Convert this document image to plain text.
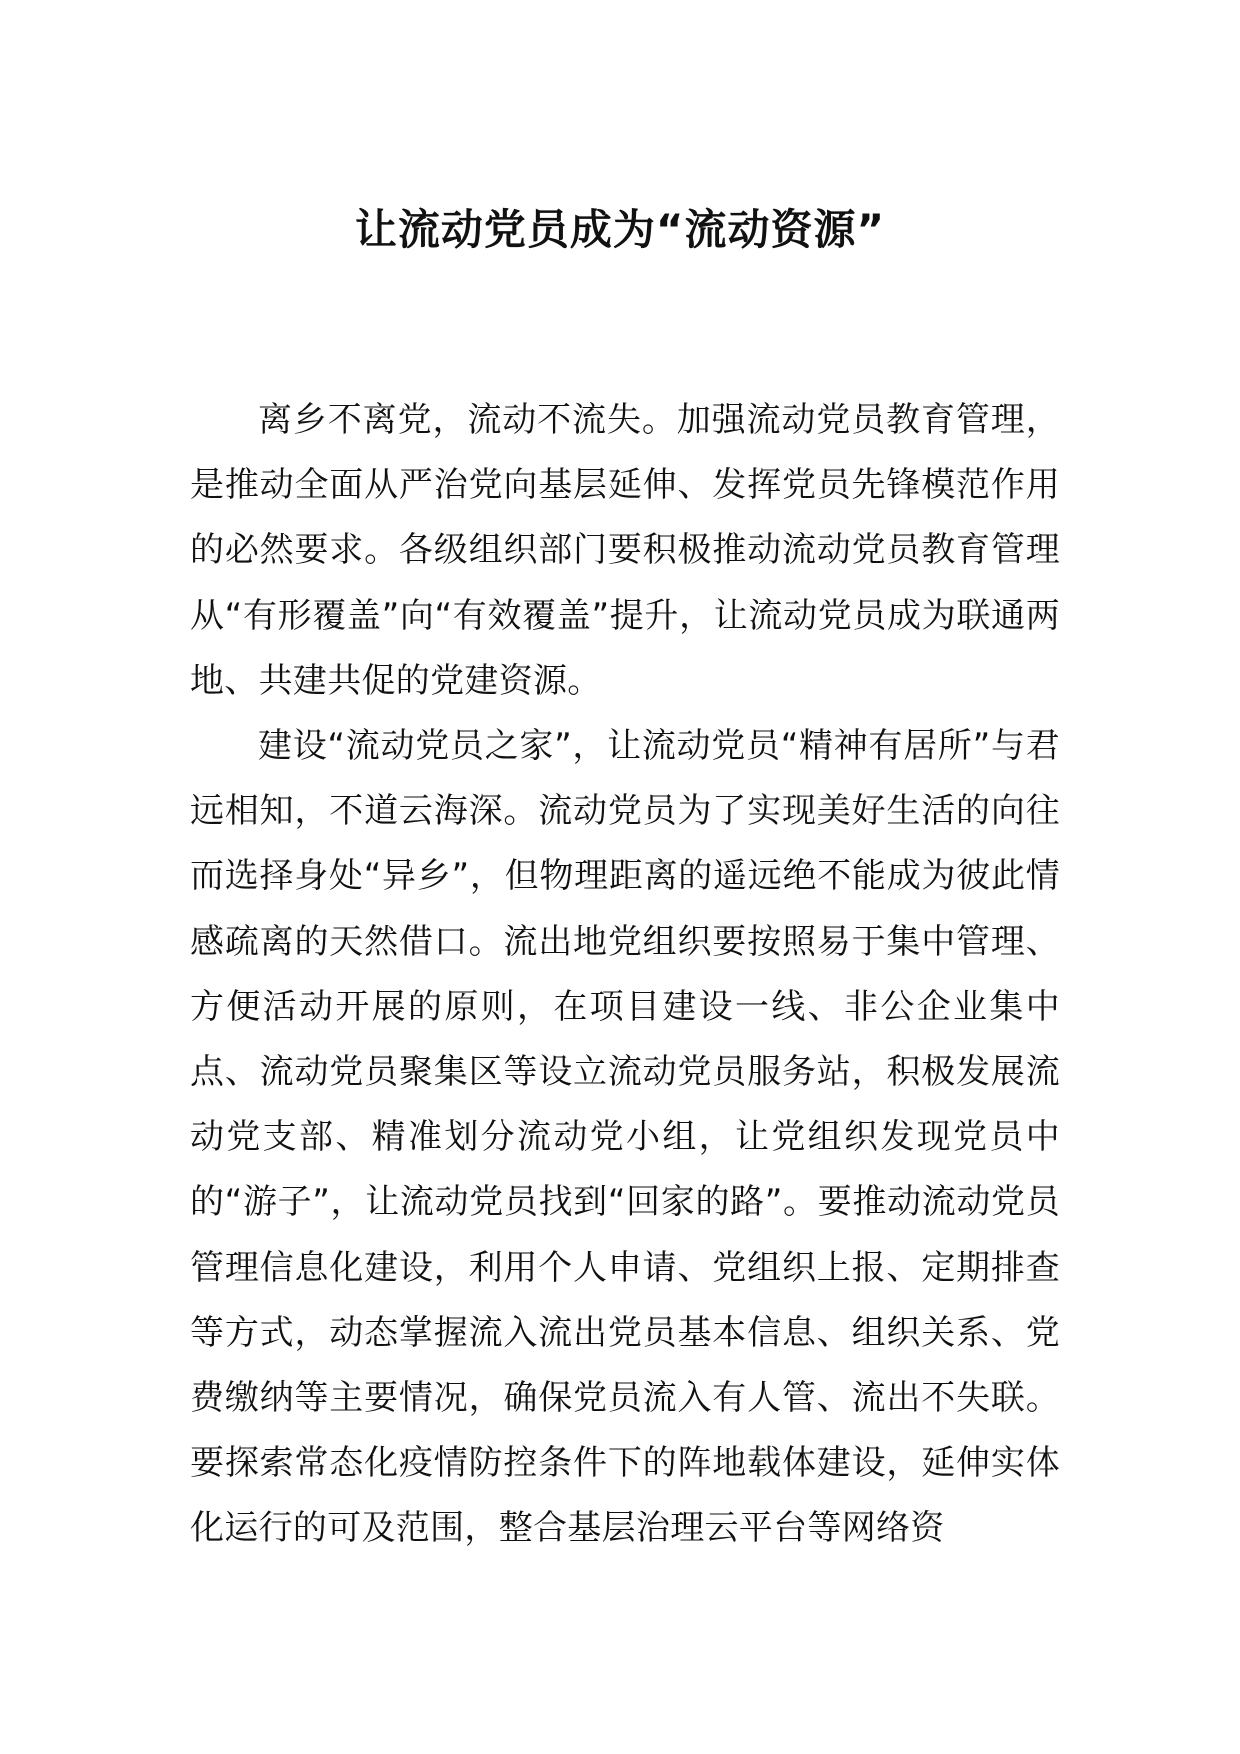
让流动党员成为“流动资源”

离乡不离党，流动不流失。加强流动党员教育管理，是推动全面从严治党向基层延伸、发挥党员先锋模范作用的必然要求。各级组织部门要积极推动流动党员教育管理从“有形覆盖”向“有效覆盖”提升，让流动党员成为联通两地、共建共促的党建资源。

建设“流动党员之家”，让流动党员“精神有居所”与君远相知，不道云海深。流动党员为了实现美好生活的向往而选择身处“异乡”，但物理距离的遥远绝不能成为彼此情感疏离的天然借口。流出地党组织要按照易于集中管理、方便活动开展的原则，在项目建设一线、非公企业集中点、流动党员聚集区等设立流动党员服务站，积极发展流动党支部、精准划分流动党小组，让党组织发现党员中的“游子”，让流动党员找到“回家的路”。要推动流动党员管理信息化建设，利用个人申请、党组织上报、定期排查等方式，动态掌握流入流出党员基本信息、组织关系、党费缴纳等主要情况，确保党员流入有人管、流出不失联。要探索常态化疫情防控条件下的阵地载体建设，延伸实体化运行的可及范围，整合基层治理云平台等网络资
